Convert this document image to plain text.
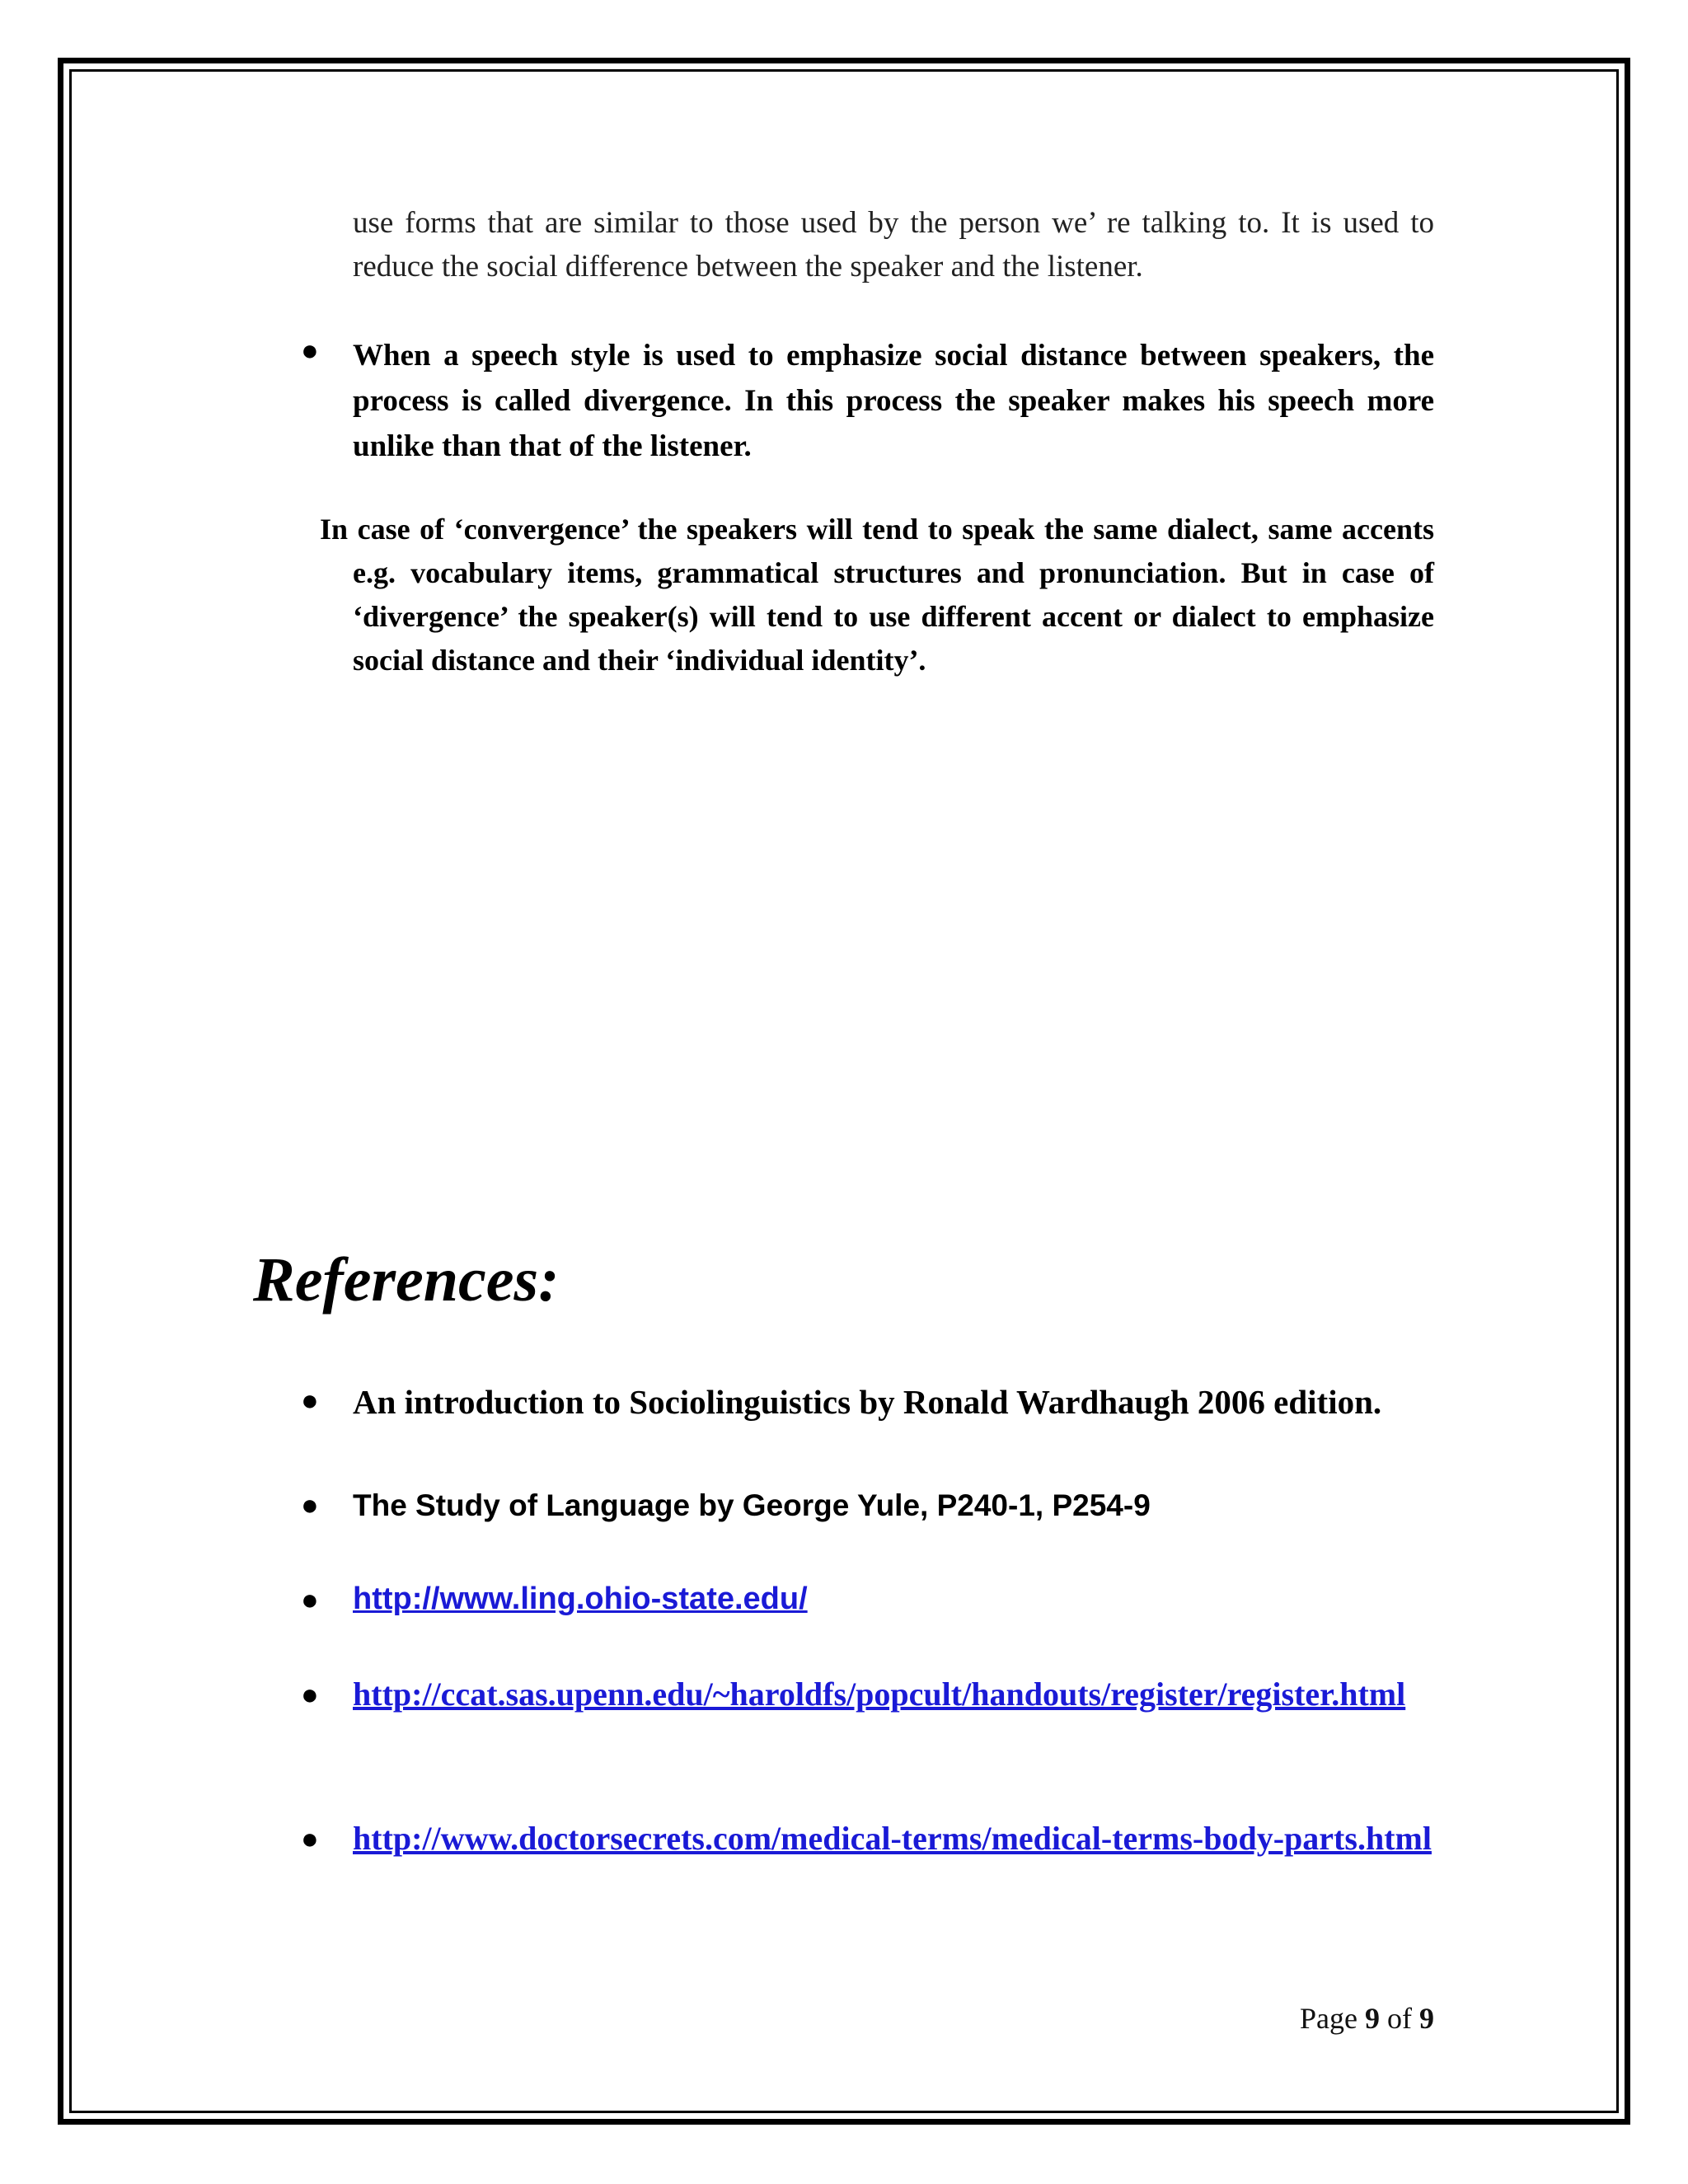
use forms that are similar to those used by the person we’ re talking to. It is used to reduce the social difference between the speaker and the listener.

● When a speech style is used to emphasize social distance between speakers, the process is called divergence. In this process the speaker makes his speech more unlike than that of the listener.

In case of ‘convergence’ the speakers will tend to speak the same dialect, same accents e.g. vocabulary items, grammatical structures and pronunciation. But in case of ‘divergence’ the speaker(s) will tend to use different accent or dialect to emphasize social distance and their ‘individual identity’.

References:
● An introduction to Sociolinguistics by Ronald Wardhaugh 2006 edition.
● The Study of Language by George Yule, P240-1, P254-9
● http://www.ling.ohio-state.edu/
● http://ccat.sas.upenn.edu/~haroldfs/popcult/handouts/register/register.html
● http://www.doctorsecrets.com/medical-terms/medical-terms-body-parts.html
Page 9 of 9
